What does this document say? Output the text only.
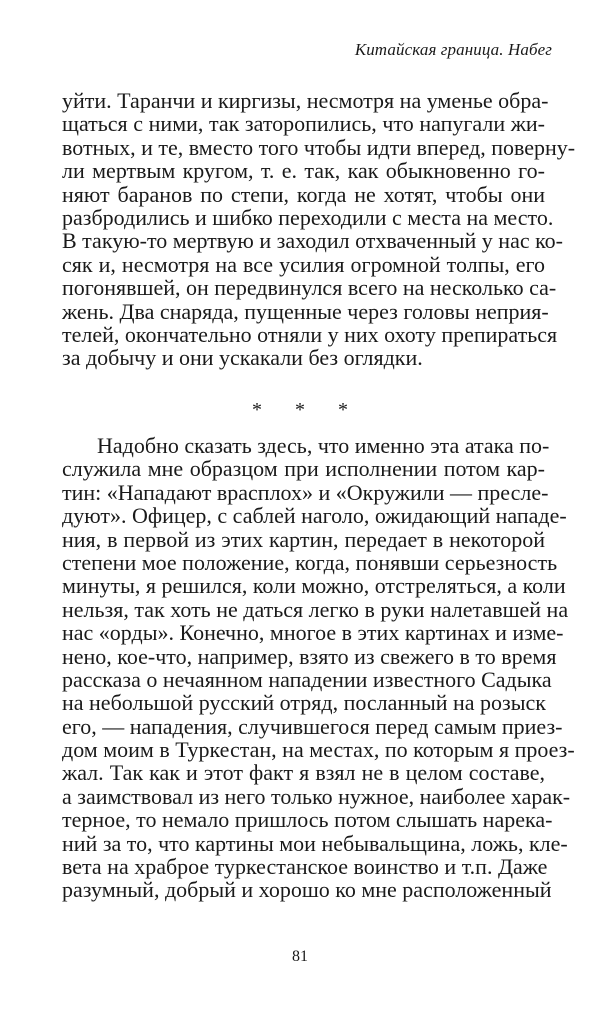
Китайская граница. Набег
уйти. Таранчи и киргизы, несмотря на уменье обра-
щаться с ними, так заторопились, что напугали жи-
вотных, и те, вместо того чтобы идти вперед, поверну-
ли мертвым кругом, т. е. так, как обыкновенно го-
няют баранов по степи, когда не хотят, чтобы они
разбродились и шибко переходили с места на место.
В такую-то мертвую и заходил отхваченный у нас ко-
сяк и, несмотря на все усилия огромной толпы, его
погонявшей, он передвинулся всего на несколько са-
жень. Два снаряда, пущенные через головы неприя-
телей, окончательно отняли у них охоту препираться
за добычу и они ускакали без оглядки.
* * *
Надобно сказать здесь, что именно эта атака по-
служила мне образцом при исполнении потом кар-
тин: «Нападают врасплох» и «Окружили — пресле-
дуют». Офицер, с саблей наголо, ожидающий нападе-
ния, в первой из этих картин, передает в некоторой
степени мое положение, когда, понявши серьезность
минуты, я решился, коли можно, отстреляться, а коли
нельзя, так хоть не даться легко в руки налетавшей на
нас «орды». Конечно, многое в этих картинах и изме-
нено, кое-что, например, взято из свежего в то время
рассказа о нечаянном нападении известного Садыка
на небольшой русский отряд, посланный на розыск
его, — нападения, случившегося перед самым приез-
дом моим в Туркестан, на местах, по которым я проез-
жал. Так как и этот факт я взял не в целом составе,
а заимствовал из него только нужное, наиболее харак-
терное, то немало пришлось потом слышать нарека-
ний за то, что картины мои небывальщина, ложь, кле-
вета на храброе туркестанское воинство и т.п. Даже
разумный, добрый и хорошо ко мне расположенный
81
